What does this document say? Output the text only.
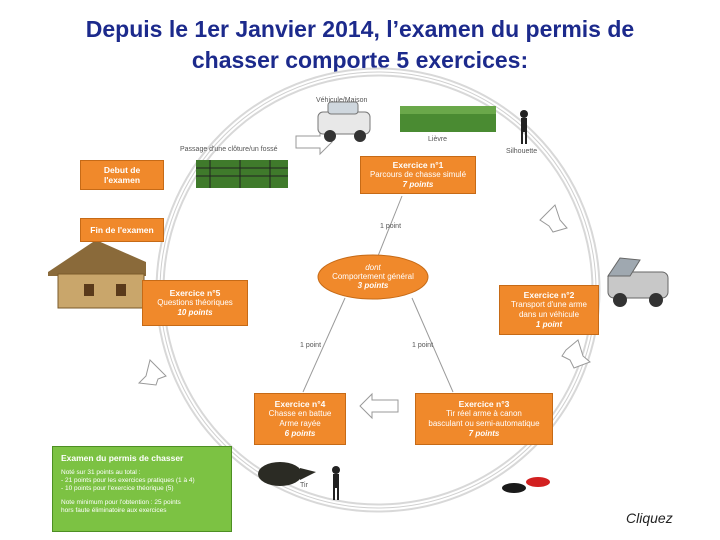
Depuis le 1er Janvier 2014, l’examen du permis de
chasser comporte 5 exercices:
Debut de
l'examen
Fin de l'examen
Exercice n°1
Parcours de chasse simulé
7 points
Exercice n°2
Transport d'une arme
dans un véhicule
1 point
Exercice n°3
Tir réel arme à canon
basculant ou semi-automatique
7 points
Exercice n°4
Chasse en battue
Arme rayée
6 points
Exercice n°5
Questions théoriques
10 points
dont
Comportement général
3 points
Véhicule/Maison
Passage d'une clôture/un fossé
Lièvre
Silhouette
1 point
1 point	1 point
Tir
Examen du permis de chasser
Noté sur 31 points au total :
- 21 points pour les exercices pratiques (1 à 4)
- 10 points pour l'exercice théorique (5)
Note minimum pour l'obtention : 25 points
hors faute éliminatoire aux exercices	Cliquez
